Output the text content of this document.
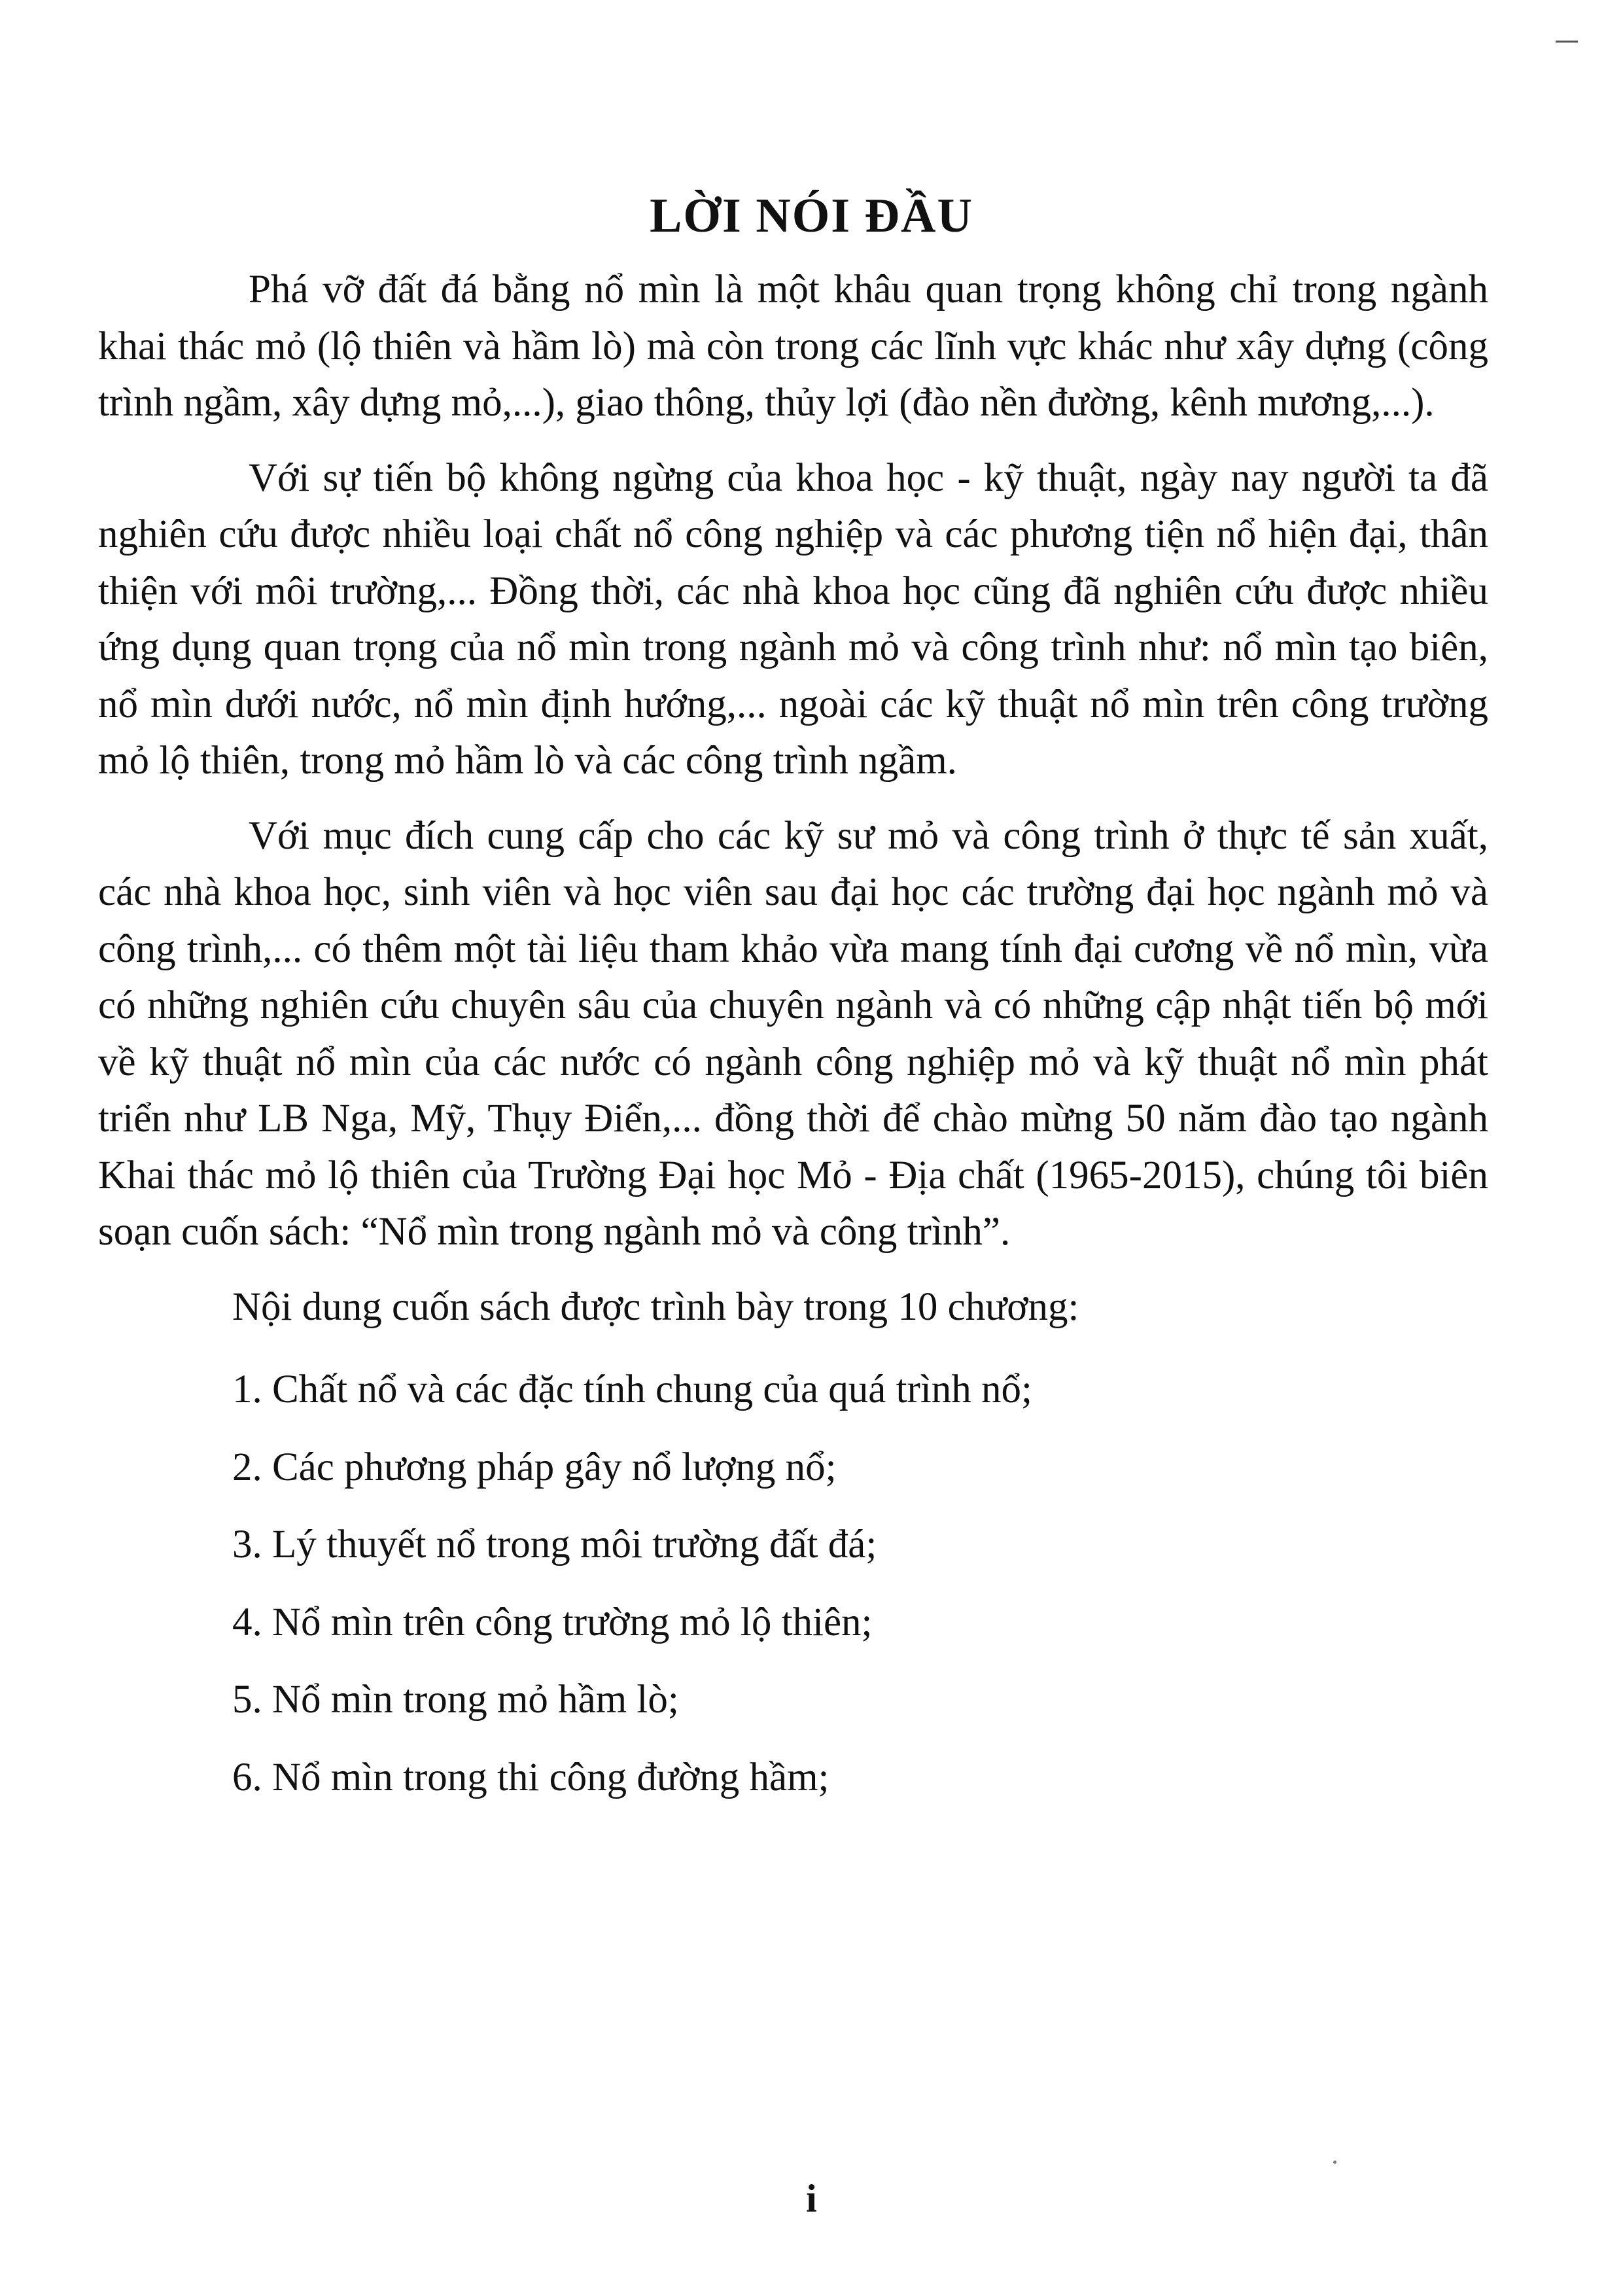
LỜI NÓI ĐẦU

Phá vỡ đất đá bằng nổ mìn là một khâu quan trọng không chỉ trong ngành khai thác mỏ (lộ thiên và hầm lò) mà còn trong các lĩnh vực khác như xây dựng (công trình ngầm, xây dựng mỏ,...), giao thông, thủy lợi (đào nền đường, kênh mương,...).

Với sự tiến bộ không ngừng của khoa học - kỹ thuật, ngày nay người ta đã nghiên cứu được nhiều loại chất nổ công nghiệp và các phương tiện nổ hiện đại, thân thiện với môi trường,... Đồng thời, các nhà khoa học cũng đã nghiên cứu được nhiều ứng dụng quan trọng của nổ mìn trong ngành mỏ và công trình như: nổ mìn tạo biên, nổ mìn dưới nước, nổ mìn định hướng,... ngoài các kỹ thuật nổ mìn trên công trường mỏ lộ thiên, trong mỏ hầm lò và các công trình ngầm.

Với mục đích cung cấp cho các kỹ sư mỏ và công trình ở thực tế sản xuất, các nhà khoa học, sinh viên và học viên sau đại học các trường đại học ngành mỏ và công trình,... có thêm một tài liệu tham khảo vừa mang tính đại cương về nổ mìn, vừa có những nghiên cứu chuyên sâu của chuyên ngành và có những cập nhật tiến bộ mới về kỹ thuật nổ mìn của các nước có ngành công nghiệp mỏ và kỹ thuật nổ mìn phát triển như LB Nga, Mỹ, Thụy Điển,... đồng thời để chào mừng 50 năm đào tạo ngành Khai thác mỏ lộ thiên của Trường Đại học Mỏ - Địa chất (1965-2015), chúng tôi biên soạn cuốn sách: “Nổ mìn trong ngành mỏ và công trình”.

Nội dung cuốn sách được trình bày trong 10 chương:

1. Chất nổ và các đặc tính chung của quá trình nổ;
2. Các phương pháp gây nổ lượng nổ;
3. Lý thuyết nổ trong môi trường đất đá;
4. Nổ mìn trên công trường mỏ lộ thiên;
5. Nổ mìn trong mỏ hầm lò;
6. Nổ mìn trong thi công đường hầm;
i
